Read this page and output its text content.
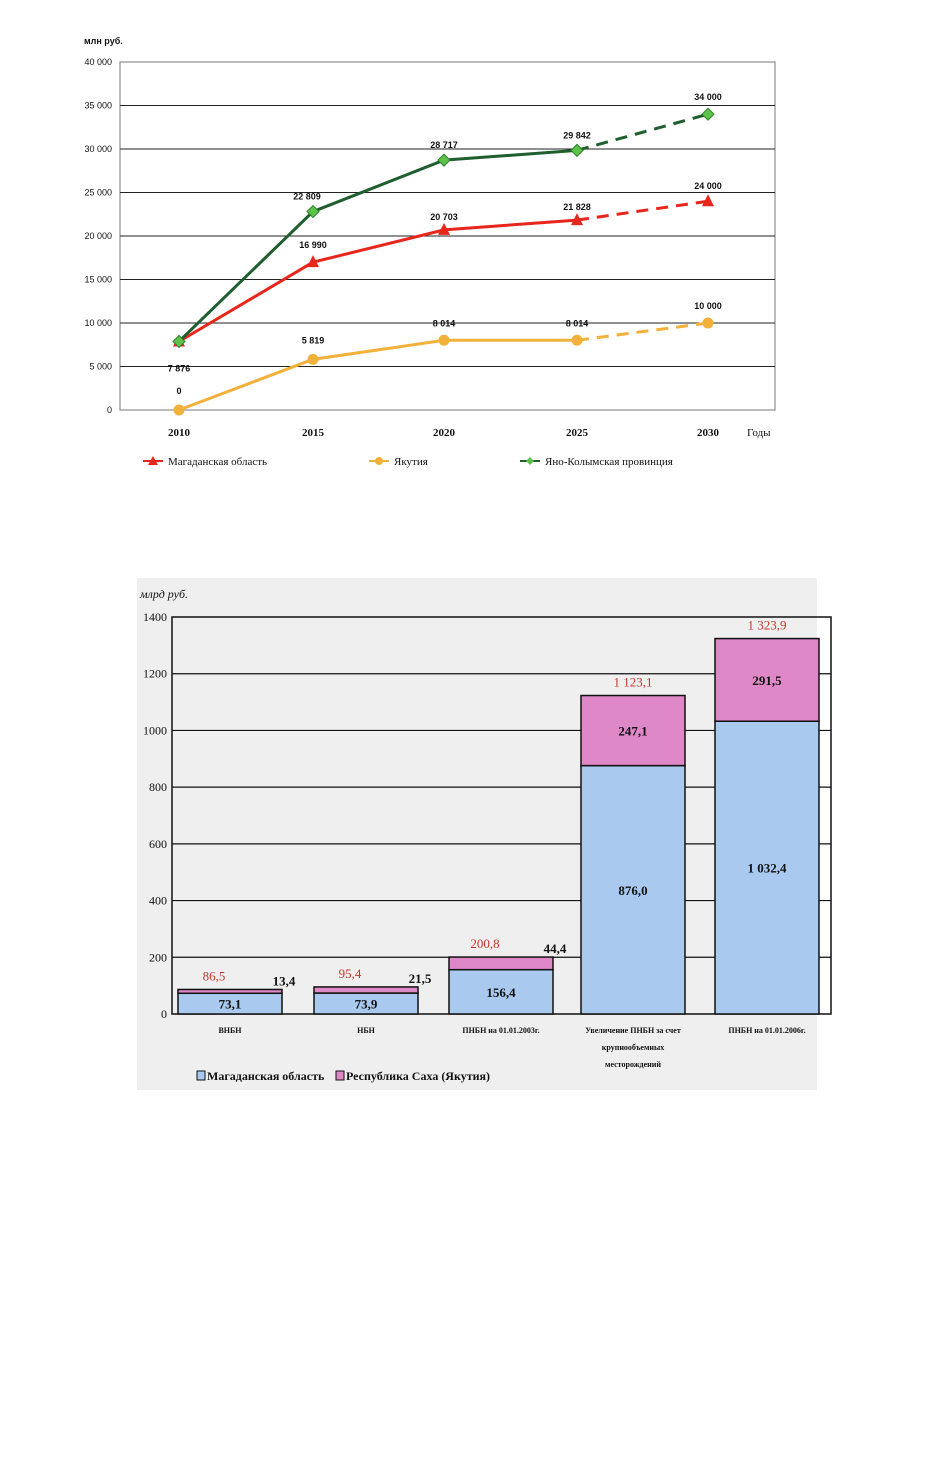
0
5 000
10 000
15 000
20 000
25 000
30 000
35 000
40 000
млн руб.
2010	2015	2020	2025	2030	Годы
7 876
16 990
20 703
21 828
24 000
0
5 819
8 014	8 014
10 000
22 809
28 717
29 842
34 000
Магаданская область	Якутия	Яно-Колымская провинция
0
200
400
600
800
1000
1200
1400
млрд руб.
73,1
13,4
86,5
ВНБН
73,9
21,5
95,4
НБН
156,4
44,4
200,8
ПНБН на 01.01.2003г.
876,0
247,1
1 123,1
Увеличение ПНБН за счет
крупнообъемных
месторождений
1 032,4
291,5
1 323,9
ПНБН на 01.01.2006г.
Магаданская область Республика Саха (Якутия)
